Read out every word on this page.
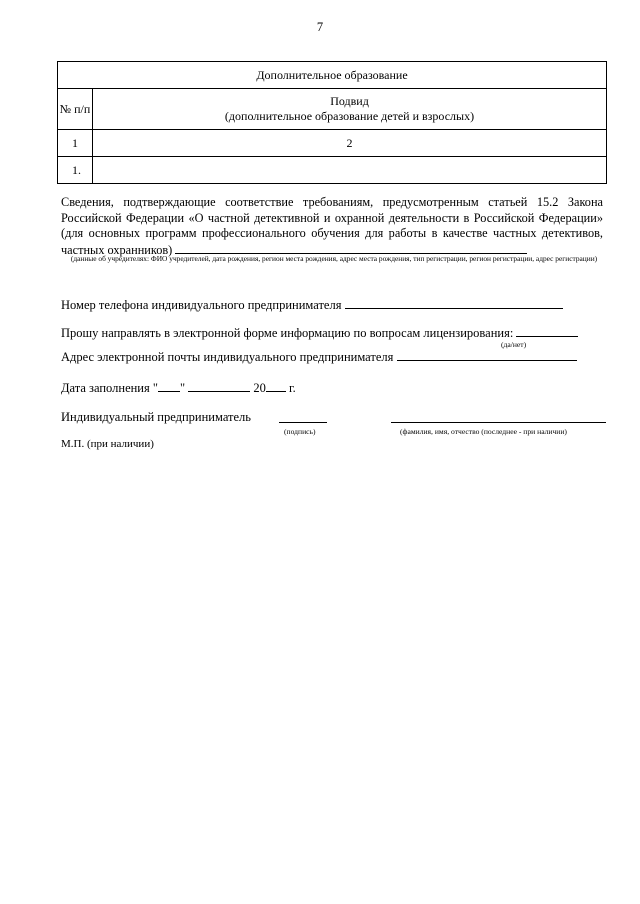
7
Дополнительное образование	
№ п/п	Подвид
(дополнительное образование детей и взрослых)

1	2
1.	
Сведения, подтверждающие соответствие требованиям, предусмотренным статьей 15.2 Закона Российской Федерации «О частной детективной и охранной деятельности в Российской Федерации» (для основных программ профессионального обучения для работы в качестве частных детективов, частных охранников)
(данные об учредителях: ФИО учредителей, дата рождения, регион места рождения, адрес места рождения, тип регистрации, регион регистрации, адрес регистрации)
Номер телефона индивидуального предпринимателя
Прошу направлять в электронной форме информацию по вопросам лицензирования:
(да/нет)
Адрес электронной почты индивидуального предпринимателя
Дата заполнения " "	20 г.
Индивидуальный предприниматель
(подпись)	(фамилия, имя, отчество (последнее - при наличии)
М.П. (при наличии)
